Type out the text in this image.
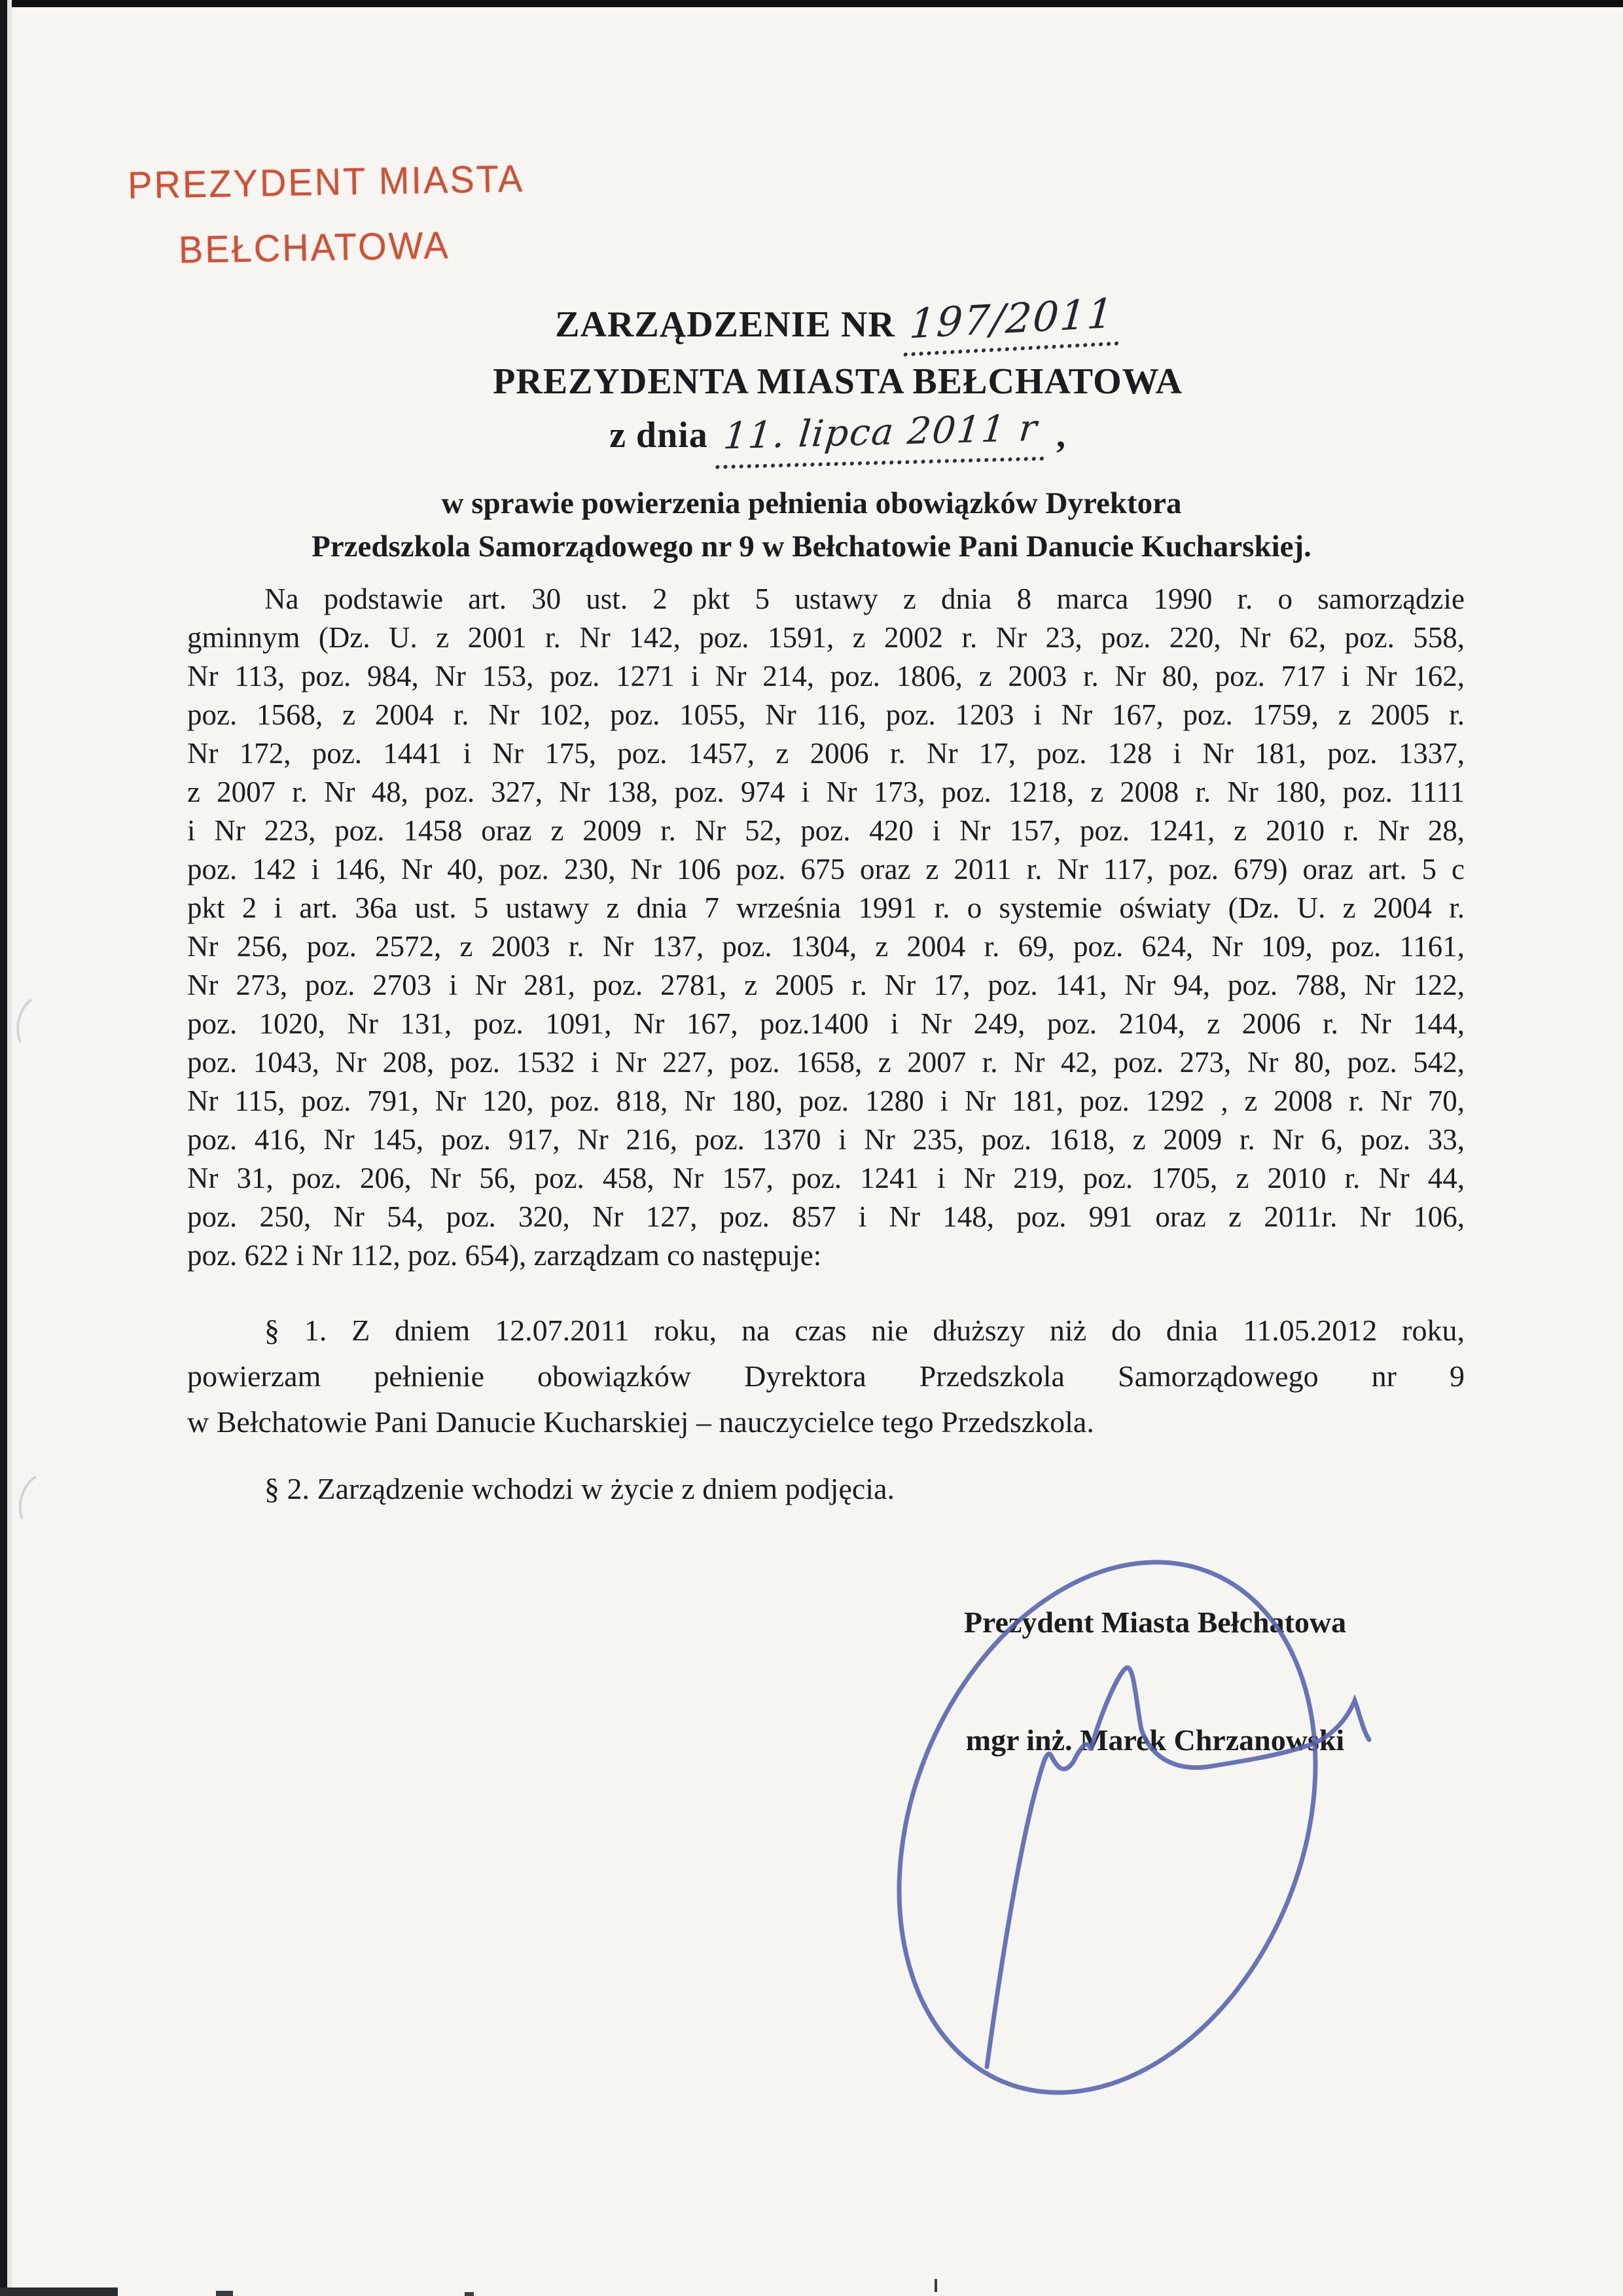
PREZYDENT MIASTA
BEŁCHATOWA
ZARZĄDZENIE NR 197/2011
PREZYDENTA MIASTA BEŁCHATOWA
z dnia 11. lipca 2011 r ,
w sprawie powierzenia pełnienia obowiązków Dyrektora
Przedszkola Samorządowego nr 9 w Bełchatowie Pani Danucie Kucharskiej.
Na podstawie art. 30 ust. 2 pkt 5 ustawy z dnia 8 marca 1990 r. o samorządzie
gminnym (Dz. U. z 2001 r. Nr 142, poz. 1591, z 2002 r. Nr 23, poz. 220, Nr 62, poz. 558,
Nr 113, poz. 984, Nr 153, poz. 1271 i Nr 214, poz. 1806, z 2003 r. Nr 80, poz. 717 i Nr 162,
poz. 1568, z 2004 r. Nr 102, poz. 1055, Nr 116, poz. 1203 i Nr 167, poz. 1759, z 2005 r.
Nr 172, poz. 1441 i Nr 175, poz. 1457, z 2006 r. Nr 17, poz. 128 i Nr 181, poz. 1337,
z 2007 r. Nr 48, poz. 327, Nr 138, poz. 974 i Nr 173, poz. 1218, z 2008 r. Nr 180, poz. 1111
i Nr 223, poz. 1458 oraz z 2009 r. Nr 52, poz. 420 i Nr 157, poz. 1241, z 2010 r. Nr 28,
poz. 142 i 146, Nr 40, poz. 230, Nr 106 poz. 675 oraz z 2011 r. Nr 117, poz. 679) oraz art. 5 c
pkt 2 i art. 36a ust. 5 ustawy z dnia 7 września 1991 r. o systemie oświaty (Dz. U. z 2004 r.
Nr 256, poz. 2572, z 2003 r. Nr 137, poz. 1304, z 2004 r. 69, poz. 624, Nr 109, poz. 1161,
Nr 273, poz. 2703 i Nr 281, poz. 2781, z 2005 r. Nr 17, poz. 141, Nr 94, poz. 788, Nr 122,
poz. 1020, Nr 131, poz. 1091, Nr 167, poz.1400 i Nr 249, poz. 2104, z 2006 r. Nr 144,
poz. 1043, Nr 208, poz. 1532 i Nr 227, poz. 1658, z 2007 r. Nr 42, poz. 273, Nr 80, poz. 542,
Nr 115, poz. 791, Nr 120, poz. 818, Nr 180, poz. 1280 i Nr 181, poz. 1292 , z 2008 r. Nr 70,
poz. 416, Nr 145, poz. 917, Nr 216, poz. 1370 i Nr 235, poz. 1618, z 2009 r. Nr 6, poz. 33,
Nr 31, poz. 206, Nr 56, poz. 458, Nr 157, poz. 1241 i Nr 219, poz. 1705, z 2010 r. Nr 44,
poz. 250, Nr 54, poz. 320, Nr 127, poz. 857 i Nr 148, poz. 991 oraz z 2011r. Nr 106,
poz. 622 i Nr 112, poz. 654), zarządzam co następuje:
§ 1. Z dniem 12.07.2011 roku, na czas nie dłuższy niż do dnia 11.05.2012 roku,
powierzam pełnienie obowiązków Dyrektora Przedszkola Samorządowego nr 9
w Bełchatowie Pani Danucie Kucharskiej – nauczycielce tego Przedszkola.
§ 2. Zarządzenie wchodzi w życie z dniem podjęcia.
Prezydent Miasta Bełchatowa
mgr inż. Marek Chrzanowski
